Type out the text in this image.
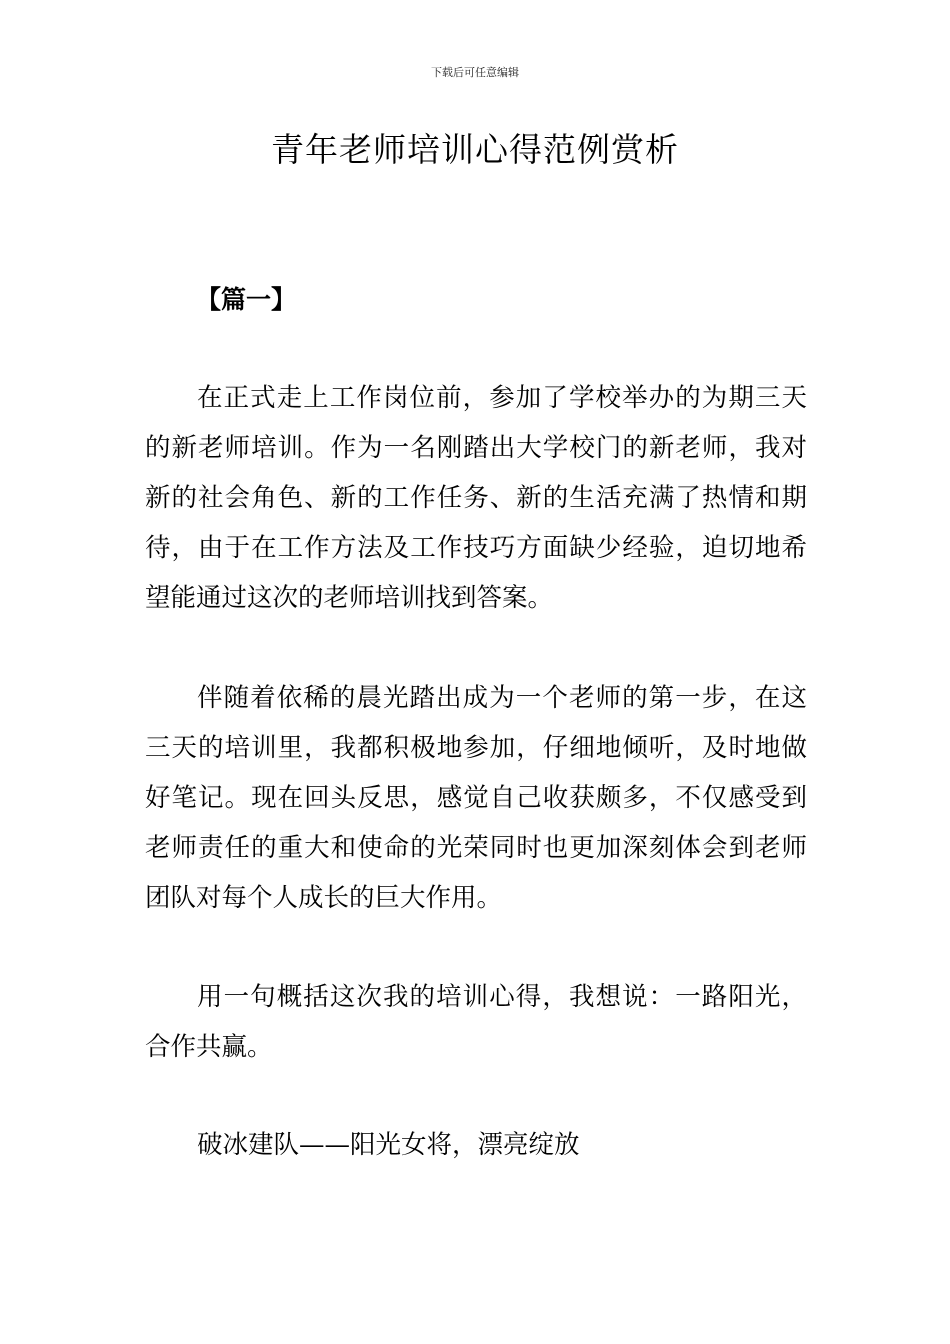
下载后可任意编辑
青年老师培训心得范例赏析
【篇一】

在正式走上工作岗位前，参加了学校举办的为期三天的新老师培训。作为一名刚踏出大学校门的新老师，我对新的社会角色、新的工作任务、新的生活充满了热情和期待，由于在工作方法及工作技巧方面缺少经验，迫切地希望能通过这次的老师培训找到答案。

伴随着依稀的晨光踏出成为一个老师的第一步，在这三天的培训里，我都积极地参加，仔细地倾听，及时地做好笔记。现在回头反思，感觉自己收获颇多，不仅感受到老师责任的重大和使命的光荣同时也更加深刻体会到老师团队对每个人成长的巨大作用。

用一句概括这次我的培训心得，我想说：一路阳光，合作共赢。

破冰建队——阳光女将，漂亮绽放
